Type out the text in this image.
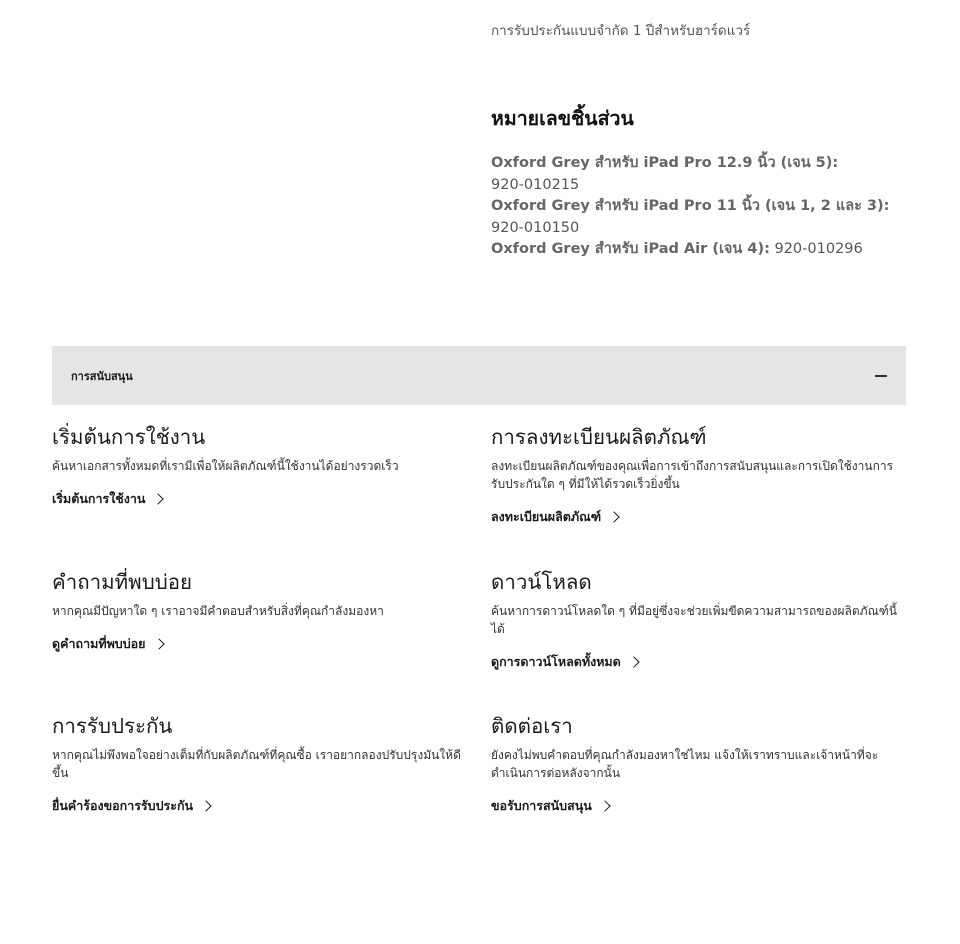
การรับประกันแบบจำกัด 1 ปีสำหรับฮาร์ดแวร์
หมายเลขชิ้นส่วน
Oxford Grey สำหรับ iPad Pro 12.9 นิ้ว (เจน 5):
920-010215
Oxford Grey สำหรับ iPad Pro 11 นิ้ว (เจน 1, 2 และ 3):
920-010150
Oxford Grey สำหรับ iPad Air (เจน 4): 920-010296
การสนับสนุน
เริ่มต้นการใช้งาน
ค้นหาเอกสารทั้งหมดที่เรามีเพื่อให้ผลิตภัณฑ์นี้ใช้งานได้อย่างรวดเร็ว
เริ่มต้นการใช้งาน
การลงทะเบียนผลิตภัณฑ์
ลงทะเบียนผลิตภัณฑ์ของคุณเพื่อการเข้าถึงการสนับสนุนและการเปิดใช้งานการรับประกันใด ๆ ที่มีให้ได้รวดเร็วยิ่งขึ้น
ลงทะเบียนผลิตภัณฑ์
คำถามที่พบบ่อย
หากคุณมีปัญหาใด ๆ เราอาจมีคำตอบสำหรับสิ่งที่คุณกำลังมองหา
ดูคำถามที่พบบ่อย
ดาวน์โหลด
ค้นหาการดาวน์โหลดใด ๆ ที่มีอยู่ซึ่งจะช่วยเพิ่มขีดความสามารถของผลิตภัณฑ์นี้ได้
ดูการดาวน์โหลดทั้งหมด
การรับประกัน
หากคุณไม่พึงพอใจอย่างเต็มที่กับผลิตภัณฑ์ที่คุณซื้อ เราอยากลองปรับปรุงมันให้ดีขึ้น
ยื่นคำร้องขอการรับประกัน
ติดต่อเรา
ยังคงไม่พบคำตอบที่คุณกำลังมองหาใช่ไหม แจ้งให้เราทราบและเจ้าหน้าที่จะดำเนินการต่อหลังจากนั้น
ขอรับการสนับสนุน
